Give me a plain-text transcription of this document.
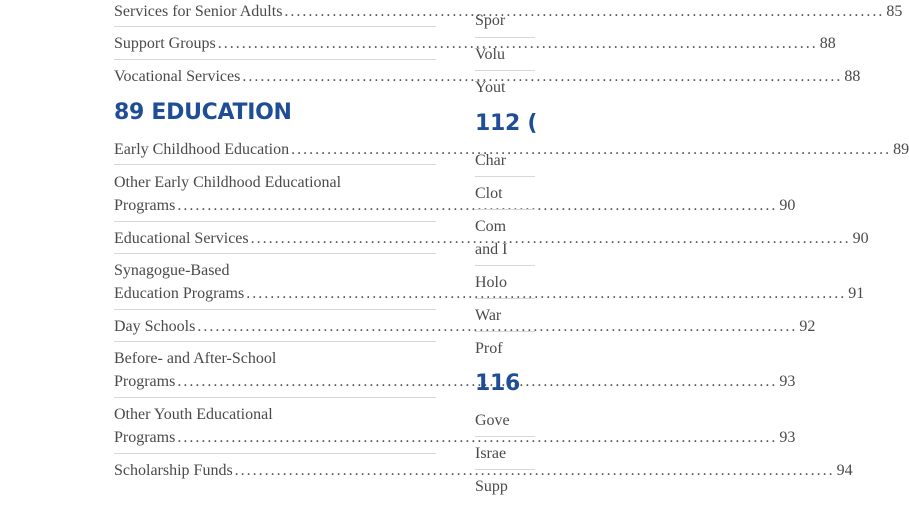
Services for Senior Adults .....	85
Support Groups .....	88
Vocational Services .....	88
89 EDUCATION
Early Childhood Education .....	89
Other Early Childhood Educational
Programs .....	90
Educational Services .....	90
Synagogue-Based
Education Programs .....	91
Day Schools .....	92
Before- and After-School
Programs .....	93
Other Youth Educational
Programs .....	93
Scholarship Funds .....	94
Spor
Volu
Yout
112 (
Char
Clot
Com
and I
Holo
War
Prof
116
Gove
Israe
Supp
